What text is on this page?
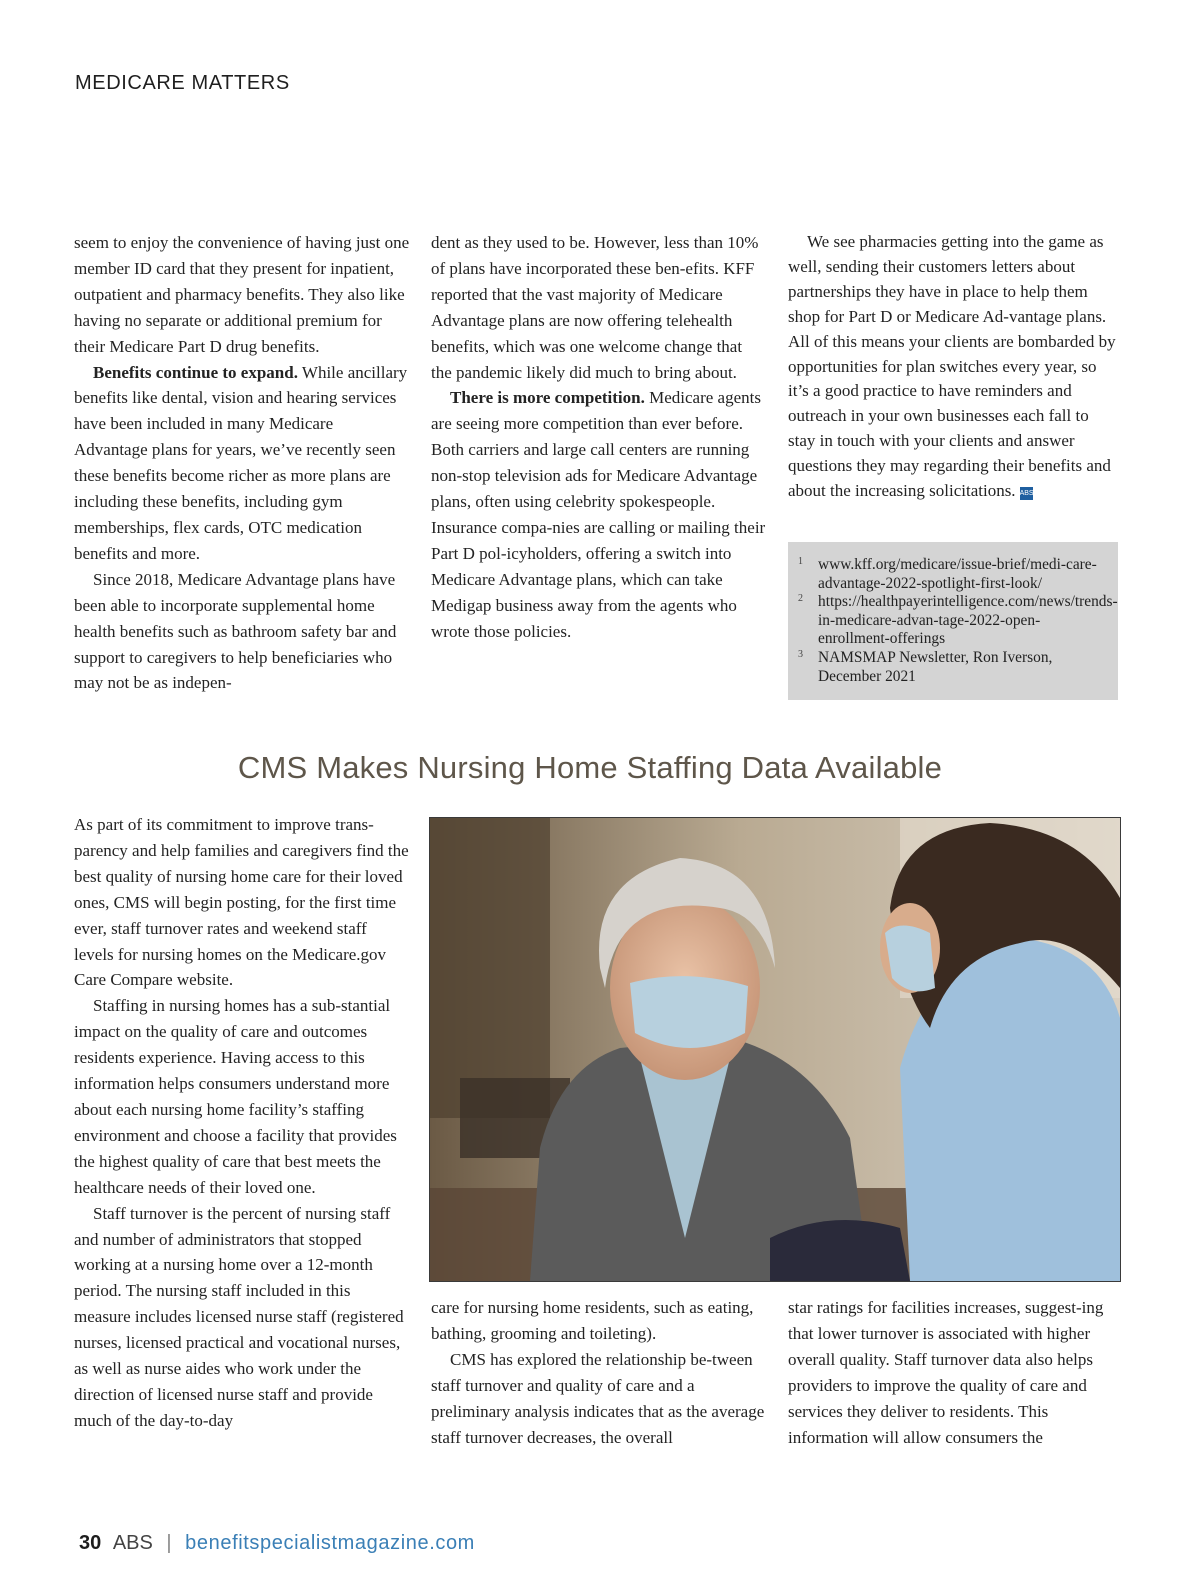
MEDICARE MATTERS

seem to enjoy the convenience of having just one member ID card that they present for inpatient, outpatient and pharmacy benefits. They also like having no separate or additional premium for their Medicare Part D drug benefits.

Benefits continue to expand. While ancillary benefits like dental, vision and hearing services have been included in many Medicare Advantage plans for years, we’ve recently seen these benefits become richer as more plans are including these benefits, including gym memberships, flex cards, OTC medication benefits and more.

Since 2018, Medicare Advantage plans have been able to incorporate supplemental home health benefits such as bathroom safety bar and support to caregivers to help beneficiaries who may not be as indepen-

dent as they used to be. However, less than 10% of plans have incorporated these ben-efits. KFF reported that the vast majority of Medicare Advantage plans are now offering telehealth benefits, which was one welcome change that the pandemic likely did much to bring about.

There is more competition. Medicare agents are seeing more competition than ever before. Both carriers and large call centers are running non-stop television ads for Medicare Advantage plans, often using celebrity spokespeople. Insurance compa-nies are calling or mailing their Part D pol-icyholders, offering a switch into Medicare Advantage plans, which can take Medigap business away from the agents who wrote those policies.

We see pharmacies getting into the game as well, sending their customers letters about partnerships they have in place to help them shop for Part D or Medicare Ad-vantage plans. All of this means your clients are bombarded by opportunities for plan switches every year, so it’s a good practice to have reminders and outreach in your own businesses each fall to stay in touch with your clients and answer questions they may regarding their benefits and about the increasing solicitations. ABS

1 www.kff.org/medicare/issue-brief/medi-care-advantage-2022-spotlight-first-look/
2 https://healthpayerintelligence.com/news/trends-in-medicare-advan-tage-2022-open-enrollment-offerings
3 NAMSMAP Newsletter, Ron Iverson, December 2021
CMS Makes Nursing Home Staffing Data Available

As part of its commitment to improve trans-parency and help families and caregivers find the best quality of nursing home care for their loved ones, CMS will begin posting, for the first time ever, staff turnover rates and weekend staff levels for nursing homes on the Medicare.gov Care Compare website.

Staffing in nursing homes has a sub-stantial impact on the quality of care and outcomes residents experience. Having access to this information helps consumers understand more about each nursing home facility’s staffing environment and choose a facility that provides the highest quality of care that best meets the healthcare needs of their loved one.

Staff turnover is the percent of nursing staff and number of administrators that stopped working at a nursing home over a 12-month period. The nursing staff included in this measure includes licensed nurse staff (registered nurses, licensed practical and vocational nurses, as well as nurse aides who work under the direction of licensed nurse staff and provide much of the day-to-day

care for nursing home residents, such as eating, bathing, grooming and toileting).

CMS has explored the relationship be-tween staff turnover and quality of care and a preliminary analysis indicates that as the average staff turnover decreases, the overall

star ratings for facilities increases, suggest-ing that lower turnover is associated with higher overall quality. Staff turnover data also helps providers to improve the quality of care and services they deliver to residents. This information will allow consumers the

30 ABS | benefitspecialistmagazine.com
